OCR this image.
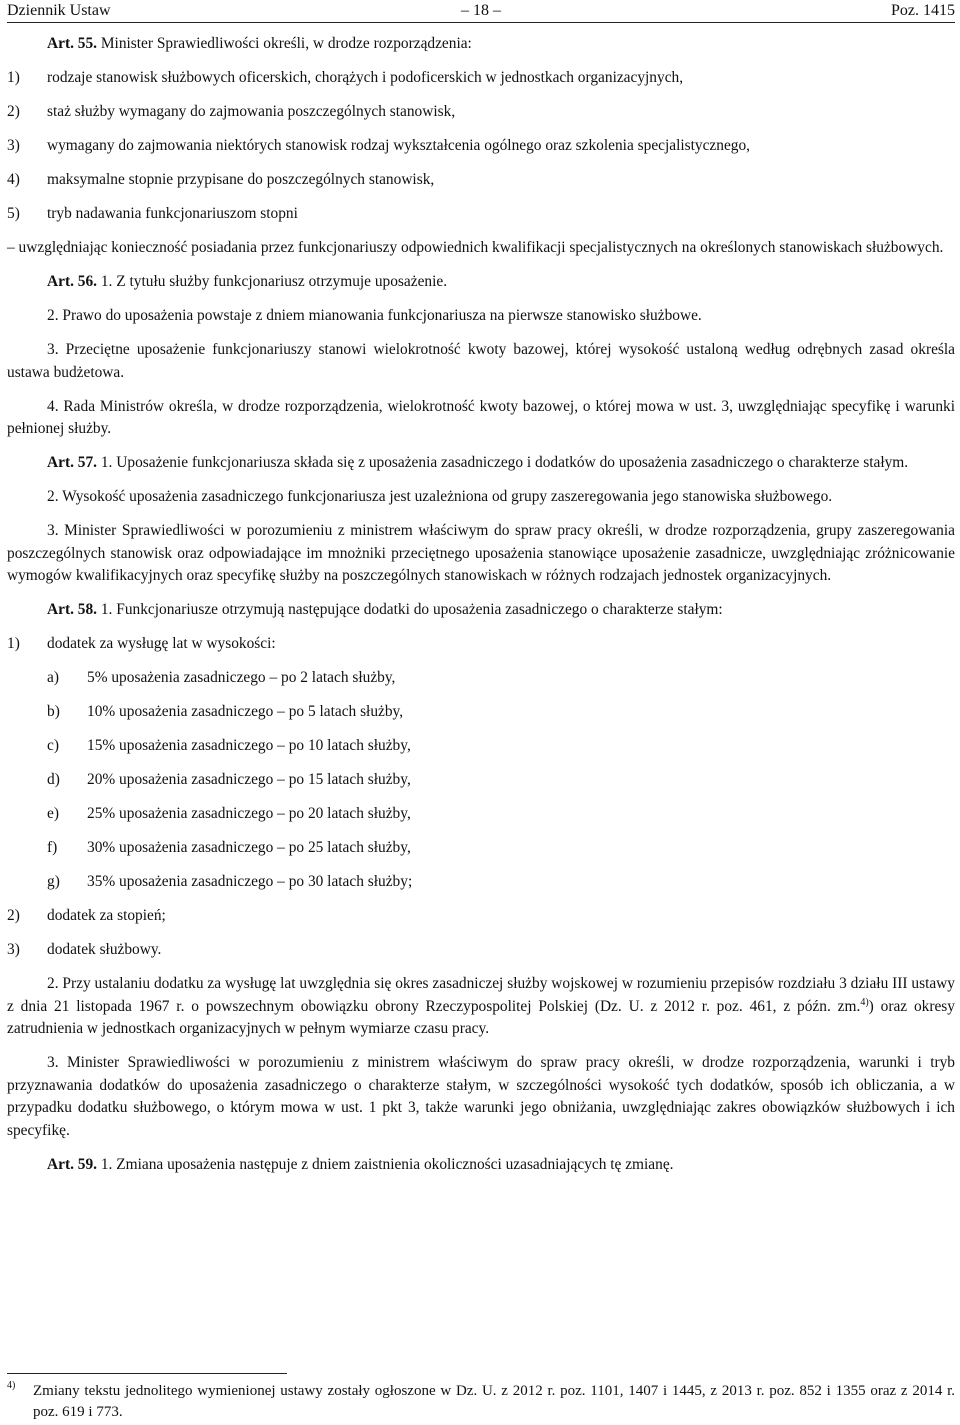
Dziennik Ustaw	– 18 –	Poz. 1415

Art. 55. Minister Sprawiedliwości określi, w drodze rozporządzenia:

1) rodzaje stanowisk służbowych oficerskich, chorążych i podoficerskich w jednostkach organizacyjnych,
2) staż służby wymagany do zajmowania poszczególnych stanowisk,
3) wymagany do zajmowania niektórych stanowisk rodzaj wykształcenia ogólnego oraz szkolenia specjalistycznego,
4) maksymalne stopnie przypisane do poszczególnych stanowisk,
5) tryb nadawania funkcjonariuszom stopni

– uwzględniając konieczność posiadania przez funkcjonariuszy odpowiednich kwalifikacji specjalistycznych na określonych stanowiskach służbowych.

Art. 56. 1. Z tytułu służby funkcjonariusz otrzymuje uposażenie.

2. Prawo do uposażenia powstaje z dniem mianowania funkcjonariusza na pierwsze stanowisko służbowe.

3. Przeciętne uposażenie funkcjonariuszy stanowi wielokrotność kwoty bazowej, której wysokość ustaloną według odrębnych zasad określa ustawa budżetowa.

4. Rada Ministrów określa, w drodze rozporządzenia, wielokrotność kwoty bazowej, o której mowa w ust. 3, uwzględniając specyfikę i warunki pełnionej służby.

Art. 57. 1. Uposażenie funkcjonariusza składa się z uposażenia zasadniczego i dodatków do uposażenia zasadniczego o charakterze stałym.

2. Wysokość uposażenia zasadniczego funkcjonariusza jest uzależniona od grupy zaszeregowania jego stanowiska służbowego.

3. Minister Sprawiedliwości w porozumieniu z ministrem właściwym do spraw pracy określi, w drodze rozporządzenia, grupy zaszeregowania poszczególnych stanowisk oraz odpowiadające im mnożniki przeciętnego uposażenia stanowiące uposażenie zasadnicze, uwzględniając zróżnicowanie wymogów kwalifikacyjnych oraz specyfikę służby na poszczególnych stanowiskach w różnych rodzajach jednostek organizacyjnych.

Art. 58. 1. Funkcjonariusze otrzymują następujące dodatki do uposażenia zasadniczego o charakterze stałym:

1) dodatek za wysługę lat w wysokości:
a) 5% uposażenia zasadniczego – po 2 latach służby,
b) 10% uposażenia zasadniczego – po 5 latach służby,
c) 15% uposażenia zasadniczego – po 10 latach służby,
d) 20% uposażenia zasadniczego – po 15 latach służby,
e) 25% uposażenia zasadniczego – po 20 latach służby,
f) 30% uposażenia zasadniczego – po 25 latach służby,
g) 35% uposażenia zasadniczego – po 30 latach służby;
2) dodatek za stopień;
3) dodatek służbowy.

2. Przy ustalaniu dodatku za wysługę lat uwzględnia się okres zasadniczej służby wojskowej w rozumieniu przepisów rozdziału 3 działu III ustawy z dnia 21 listopada 1967 r. o powszechnym obowiązku obrony Rzeczypospolitej Polskiej (Dz. U. z 2012 r. poz. 461, z późn. zm.$^{4)}$) oraz okresy zatrudnienia w jednostkach organizacyjnych w pełnym wymiarze czasu pracy.

3. Minister Sprawiedliwości w porozumieniu z ministrem właściwym do spraw pracy określi, w drodze rozporządzenia, warunki i tryb przyznawania dodatków do uposażenia zasadniczego o charakterze stałym, w szczególności wysokość tych dodatków, sposób ich obliczania, a w przypadku dodatku służbowego, o którym mowa w ust. 1 pkt 3, także warunki jego obniżania, uwzględniając zakres obowiązków służbowych i ich specyfikę.

Art. 59. 1. Zmiana uposażenia następuje z dniem zaistnienia okoliczności uzasadniających tę zmianę.

4) Zmiany tekstu jednolitego wymienionej ustawy zostały ogłoszone w Dz. U. z 2012 r. poz. 1101, 1407 i 1445, z 2013 r. poz. 852 i 1355 oraz z 2014 r. poz. 619 i 773.
